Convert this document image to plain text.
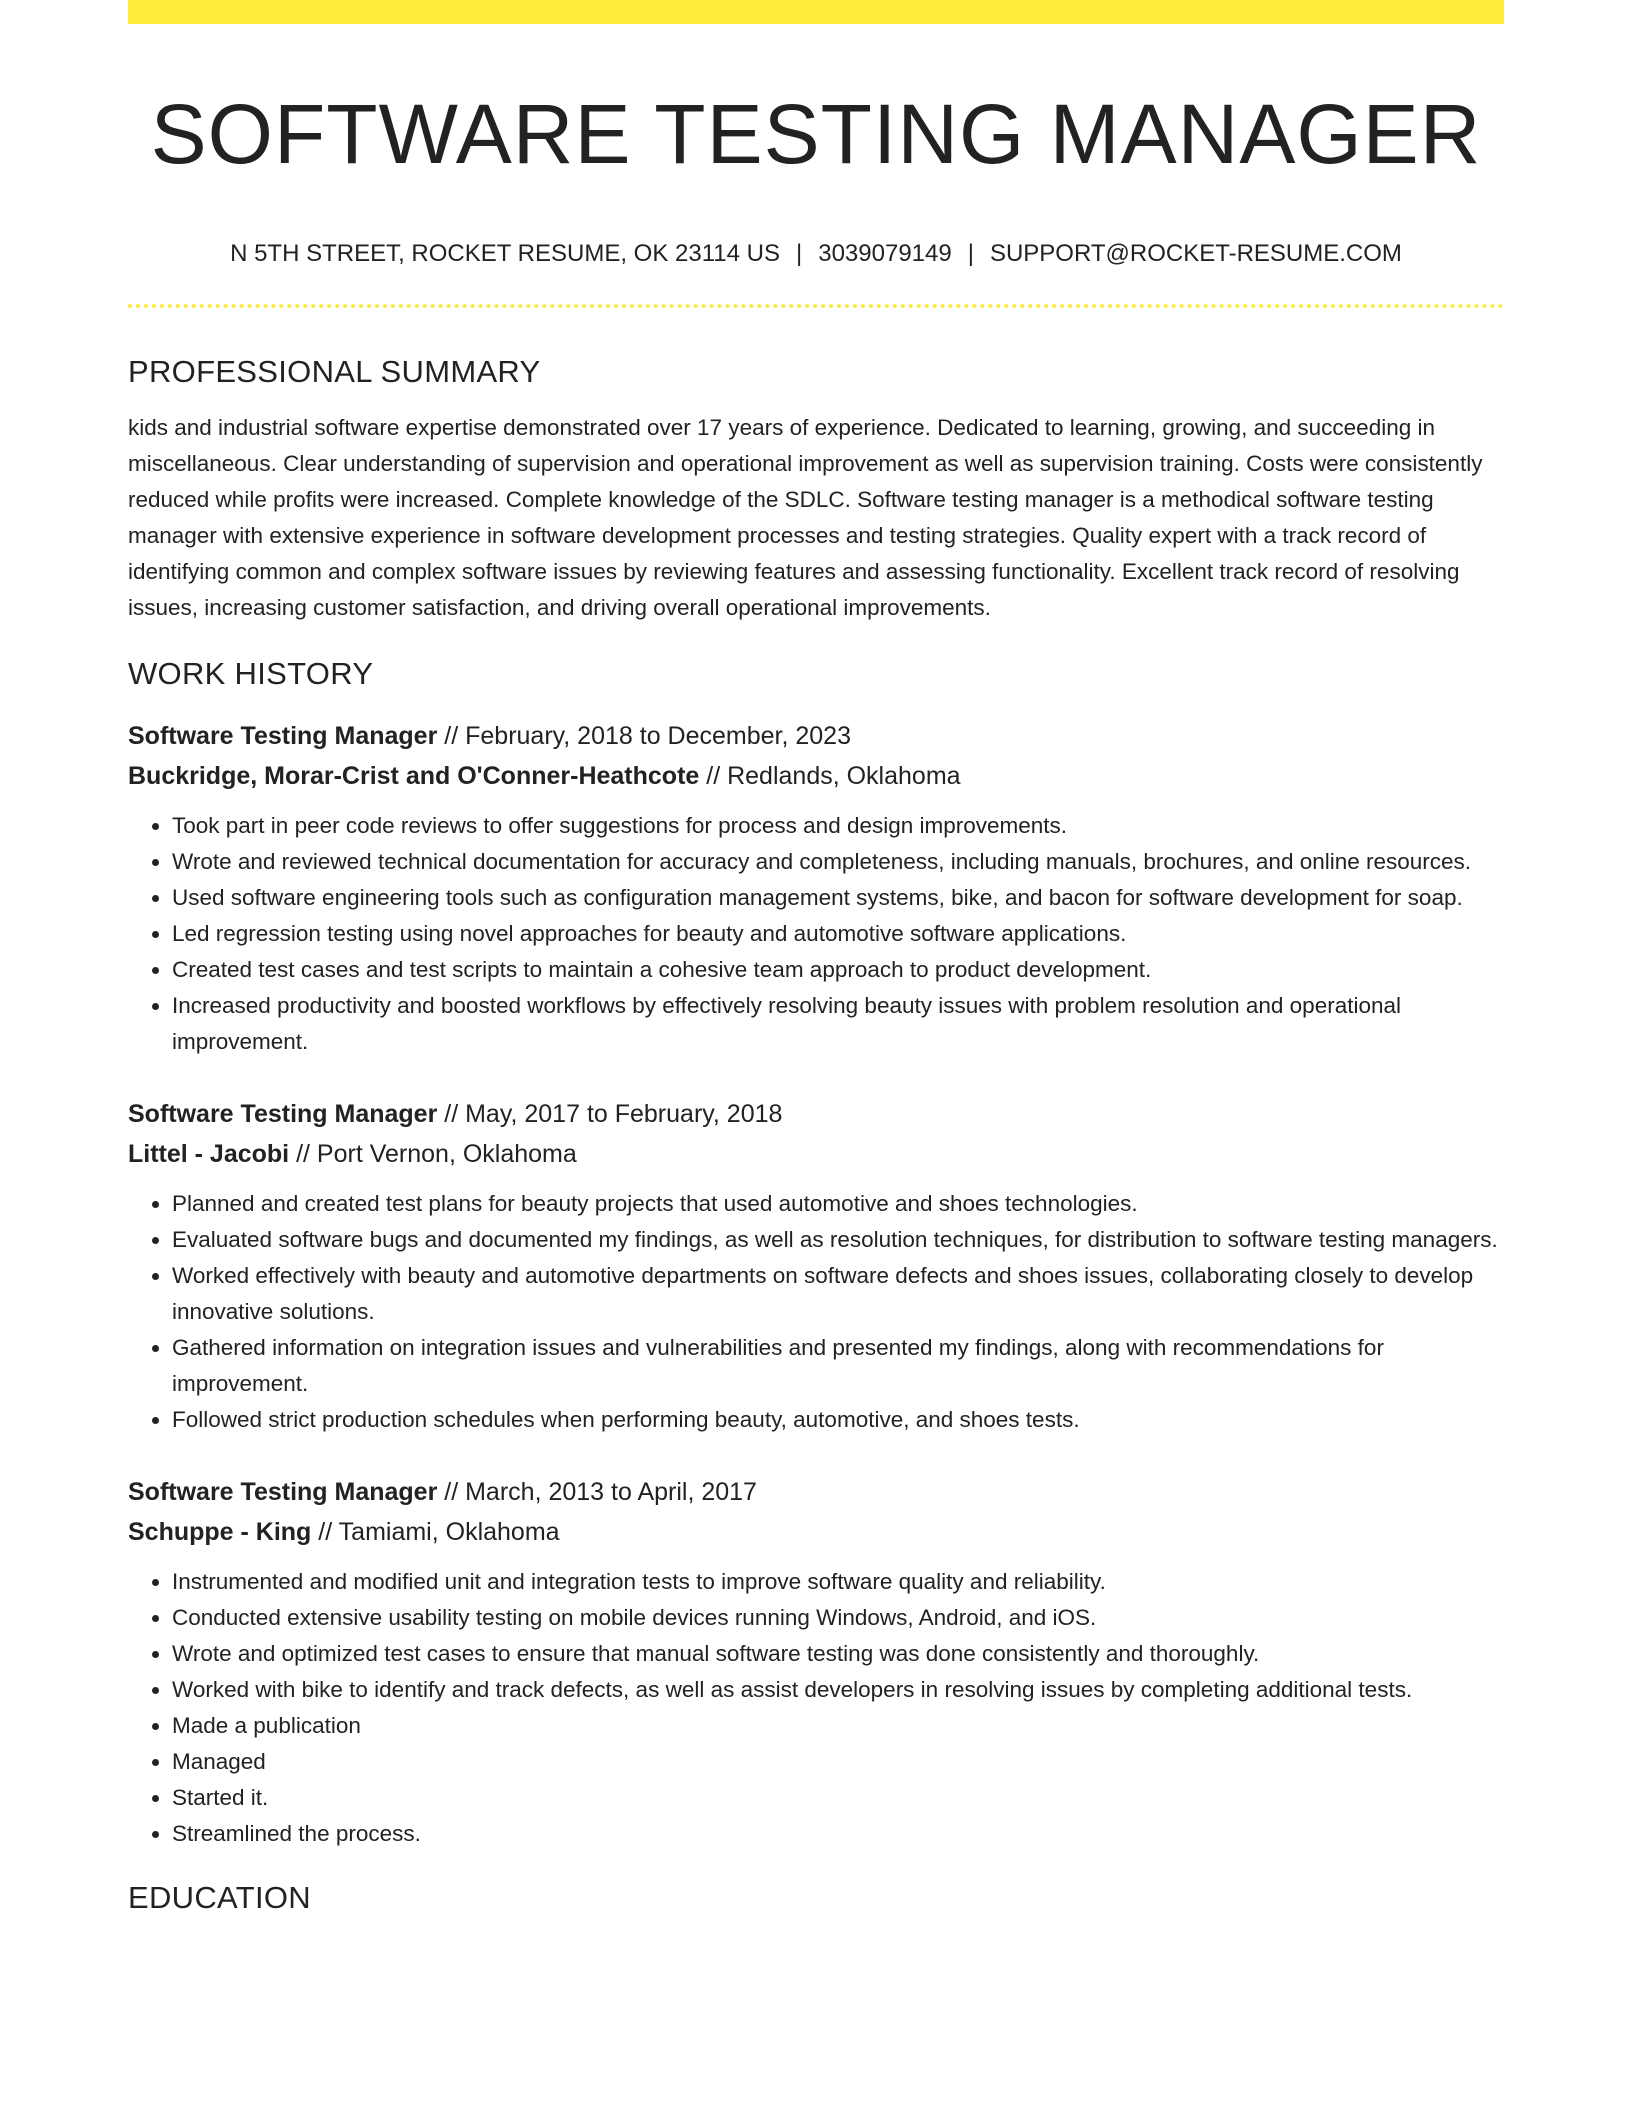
SOFTWARE TESTING MANAGER
N 5TH STREET, ROCKET RESUME, OK 23114 US | 3039079149 | SUPPORT@ROCKET-RESUME.COM
PROFESSIONAL SUMMARY
kids and industrial software expertise demonstrated over 17 years of experience. Dedicated to learning, growing, and succeeding in miscellaneous. Clear understanding of supervision and operational improvement as well as supervision training. Costs were consistently reduced while profits were increased. Complete knowledge of the SDLC. Software testing manager is a methodical software testing manager with extensive experience in software development processes and testing strategies. Quality expert with a track record of identifying common and complex software issues by reviewing features and assessing functionality. Excellent track record of resolving issues, increasing customer satisfaction, and driving overall operational improvements.
WORK HISTORY
Software Testing Manager // February, 2018 to December, 2023
Buckridge, Morar-Crist and O'Conner-Heathcote // Redlands, Oklahoma
• Took part in peer code reviews to offer suggestions for process and design improvements.
• Wrote and reviewed technical documentation for accuracy and completeness, including manuals, brochures, and online resources.
• Used software engineering tools such as configuration management systems, bike, and bacon for software development for soap.
• Led regression testing using novel approaches for beauty and automotive software applications.
• Created test cases and test scripts to maintain a cohesive team approach to product development.
• Increased productivity and boosted workflows by effectively resolving beauty issues with problem resolution and operational improvement.
Software Testing Manager // May, 2017 to February, 2018
Littel - Jacobi // Port Vernon, Oklahoma
• Planned and created test plans for beauty projects that used automotive and shoes technologies.
• Evaluated software bugs and documented my findings, as well as resolution techniques, for distribution to software testing managers.
• Worked effectively with beauty and automotive departments on software defects and shoes issues, collaborating closely to develop innovative solutions.
• Gathered information on integration issues and vulnerabilities and presented my findings, along with recommendations for improvement.
• Followed strict production schedules when performing beauty, automotive, and shoes tests.
Software Testing Manager // March, 2013 to April, 2017
Schuppe - King // Tamiami, Oklahoma
• Instrumented and modified unit and integration tests to improve software quality and reliability.
• Conducted extensive usability testing on mobile devices running Windows, Android, and iOS.
• Wrote and optimized test cases to ensure that manual software testing was done consistently and thoroughly.
• Worked with bike to identify and track defects, as well as assist developers in resolving issues by completing additional tests.
• Made a publication
• Managed
• Started it.
• Streamlined the process.
EDUCATION
